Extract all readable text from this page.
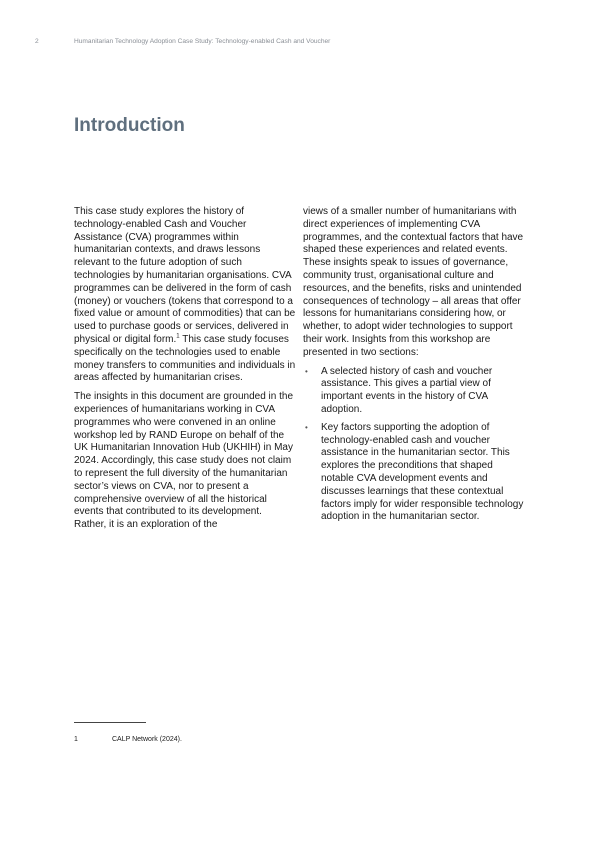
2	Humanitarian Technology Adoption Case Study: Technology-enabled Cash and Voucher
Introduction

This case study explores the history of technology-enabled Cash and Voucher Assistance (CVA) programmes within humanitarian contexts, and draws lessons relevant to the future adoption of such technologies by humanitarian organisations. CVA programmes can be delivered in the form of cash (money) or vouchers (tokens that correspond to a fixed value or amount of commodities) that can be used to purchase goods or services, delivered in physical or digital form.$^1$ This case study focuses specifically on the technologies used to enable money transfers to communities and individuals in areas affected by humanitarian crises.

The insights in this document are grounded in the experiences of humanitarians working in CVA programmes who were convened in an online workshop led by RAND Europe on behalf of the UK Humanitarian Innovation Hub (UKHIH) in May 2024. Accordingly, this case study does not claim to represent the full diversity of the humanitarian sector’s views on CVA, nor to present a comprehensive overview of all the historical events that contributed to its development. Rather, it is an exploration of the

views of a smaller number of humanitarians with direct experiences of implementing CVA programmes, and the contextual factors that have shaped these experiences and related events. These insights speak to issues of governance, community trust, organisational culture and resources, and the benefits, risks and unintended consequences of technology – all areas that offer lessons for humanitarians considering how, or whether, to adopt wider technologies to support their work. Insights from this workshop are presented in two sections:

• A selected history of cash and voucher assistance. This gives a partial view of important events in the history of CVA adoption.
• Key factors supporting the adoption of technology-enabled cash and voucher assistance in the humanitarian sector. This explores the preconditions that shaped notable CVA development events and discusses learnings that these contextual factors imply for wider responsible technology adoption in the humanitarian sector.
1	CALP Network (2024).
